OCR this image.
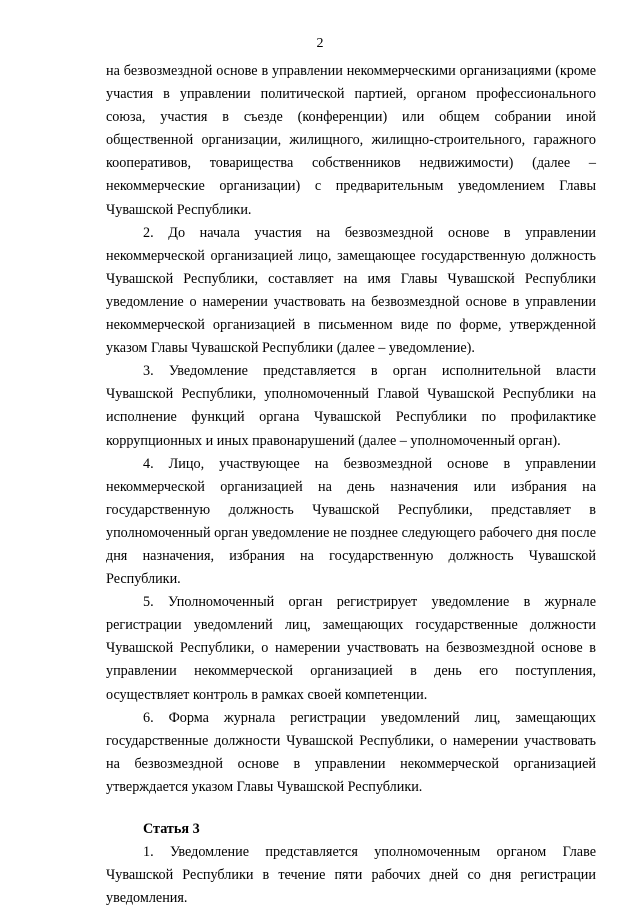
2

на безвозмездной основе в управлении некоммерческими организациями (кроме участия в управлении политической партией, органом профессионального союза, участия в съезде (конференции) или общем собрании иной общественной организации, жилищного, жилищно-строительного, гаражного кооперативов, товарищества собственников недвижимости) (далее – некоммерческие организации) с предварительным уведомлением Главы Чувашской Республики.

2. До начала участия на безвозмездной основе в управлении некоммерческой организацией лицо, замещающее государственную должность Чувашской Республики, составляет на имя Главы Чувашской Республики уведомление о намерении участвовать на безвозмездной основе в управлении некоммерческой организацией в письменном виде по форме, утвержденной указом Главы Чувашской Республики (далее – уведомление).

3. Уведомление представляется в орган исполнительной власти Чувашской Республики, уполномоченный Главой Чувашской Республики на исполнение функций органа Чувашской Республики по профилактике коррупционных и иных правонарушений (далее – уполномоченный орган).

4. Лицо, участвующее на безвозмездной основе в управлении некоммерческой организацией на день назначения или избрания на государственную должность Чувашской Республики, представляет в уполномоченный орган уведомление не позднее следующего рабочего дня после дня назначения, избрания на государственную должность Чувашской Республики.

5. Уполномоченный орган регистрирует уведомление в журнале регистрации уведомлений лиц, замещающих государственные должности Чувашской Республики, о намерении участвовать на безвозмездной основе в управлении некоммерческой организацией в день его поступления, осуществляет контроль в рамках своей компетенции.

6. Форма журнала регистрации уведомлений лиц, замещающих государственные должности Чувашской Республики, о намерении участвовать на безвозмездной основе в управлении некоммерческой организацией утверждается указом Главы Чувашской Республики.

Статья 3

1. Уведомление представляется уполномоченным органом Главе Чувашской Республики в течение пяти рабочих дней со дня регистрации уведомления.
